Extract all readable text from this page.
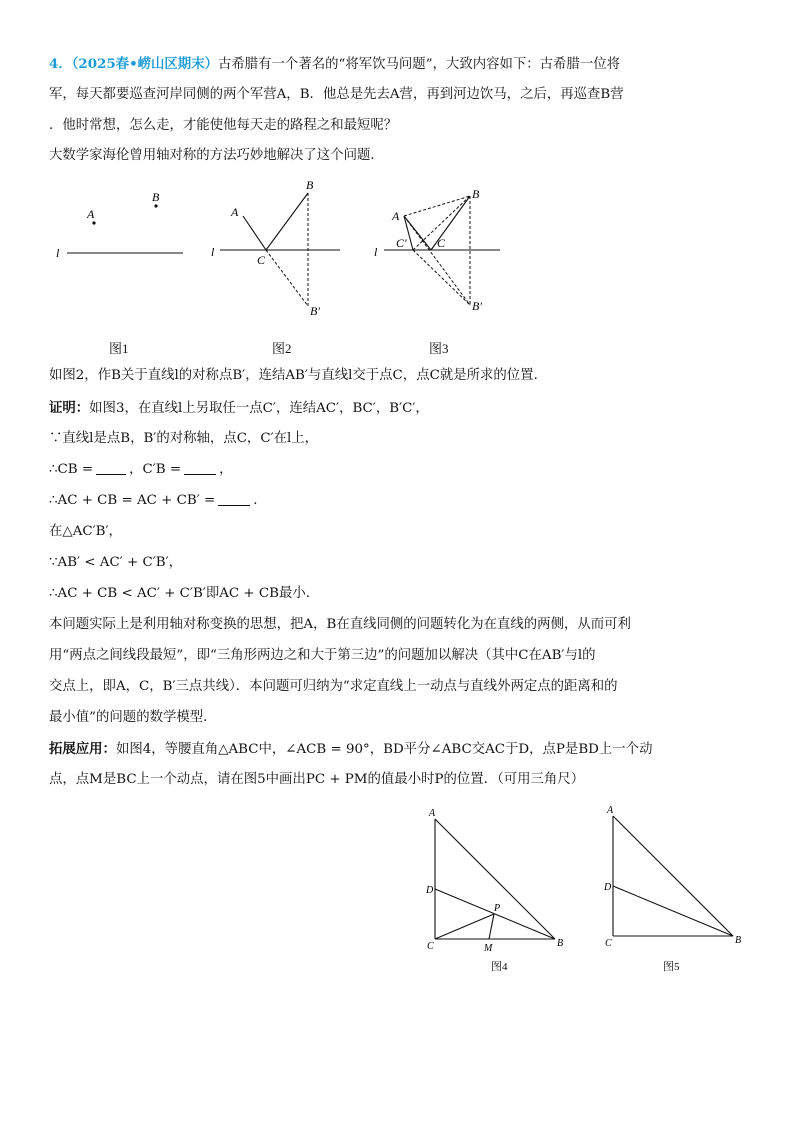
4．（2025春•崂山区期末）古希腊有一个著名的“将军饮马问题”，大致内容如下：古希腊一位将
军，每天都要巡查河岸同侧的两个军营A，B．他总是先去A营，再到河边饮马，之后，再巡查B营
．他时常想，怎么走，才能使他每天走的路程之和最短呢？
大数学家海伦曾用轴对称的方法巧妙地解决了这个问题．
A
B
l
A
B
C
B′
l
A
B
C′	C
B′
l
图1	图2	图3
如图2，作B关于直线l的对称点B′，连结AB′与直线l交于点C，点C就是所求的位置．
证明：如图3，在直线l上另取任一点C′，连结AC′，BC′，B′C′，
∵直线l是点B，B′的对称轴，点C，C′在l上，
∴CB =	，C′B =	，
∴AC + CB = AC + CB′ =	．
在△AC′B′，
∵AB′ < AC′ + C′B′，
∴AC + CB < AC′ + C′B′即AC + CB最小．
本问题实际上是利用轴对称变换的思想，把A，B在直线同侧的问题转化为在直线的两侧，从而可利
用“两点之间线段最短”，即“三角形两边之和大于第三边”的问题加以解决（其中C在AB′与l的
交点上，即A，C，B′三点共线）．本问题可归纳为“求定直线上一动点与直线外两定点的距离和的
最小值”的问题的数学模型．
拓展应用：如图4，等腰直角△ABC中，∠ACB = 90°，BD平分∠ABC交AC于D，点P是BD上一个动
点，点M是BC上一个动点，请在图5中画出PC + PM的值最小时P的位置．（可用三角尺）
A
D
C	B
P
M
A
D
C	B
图4	图5
